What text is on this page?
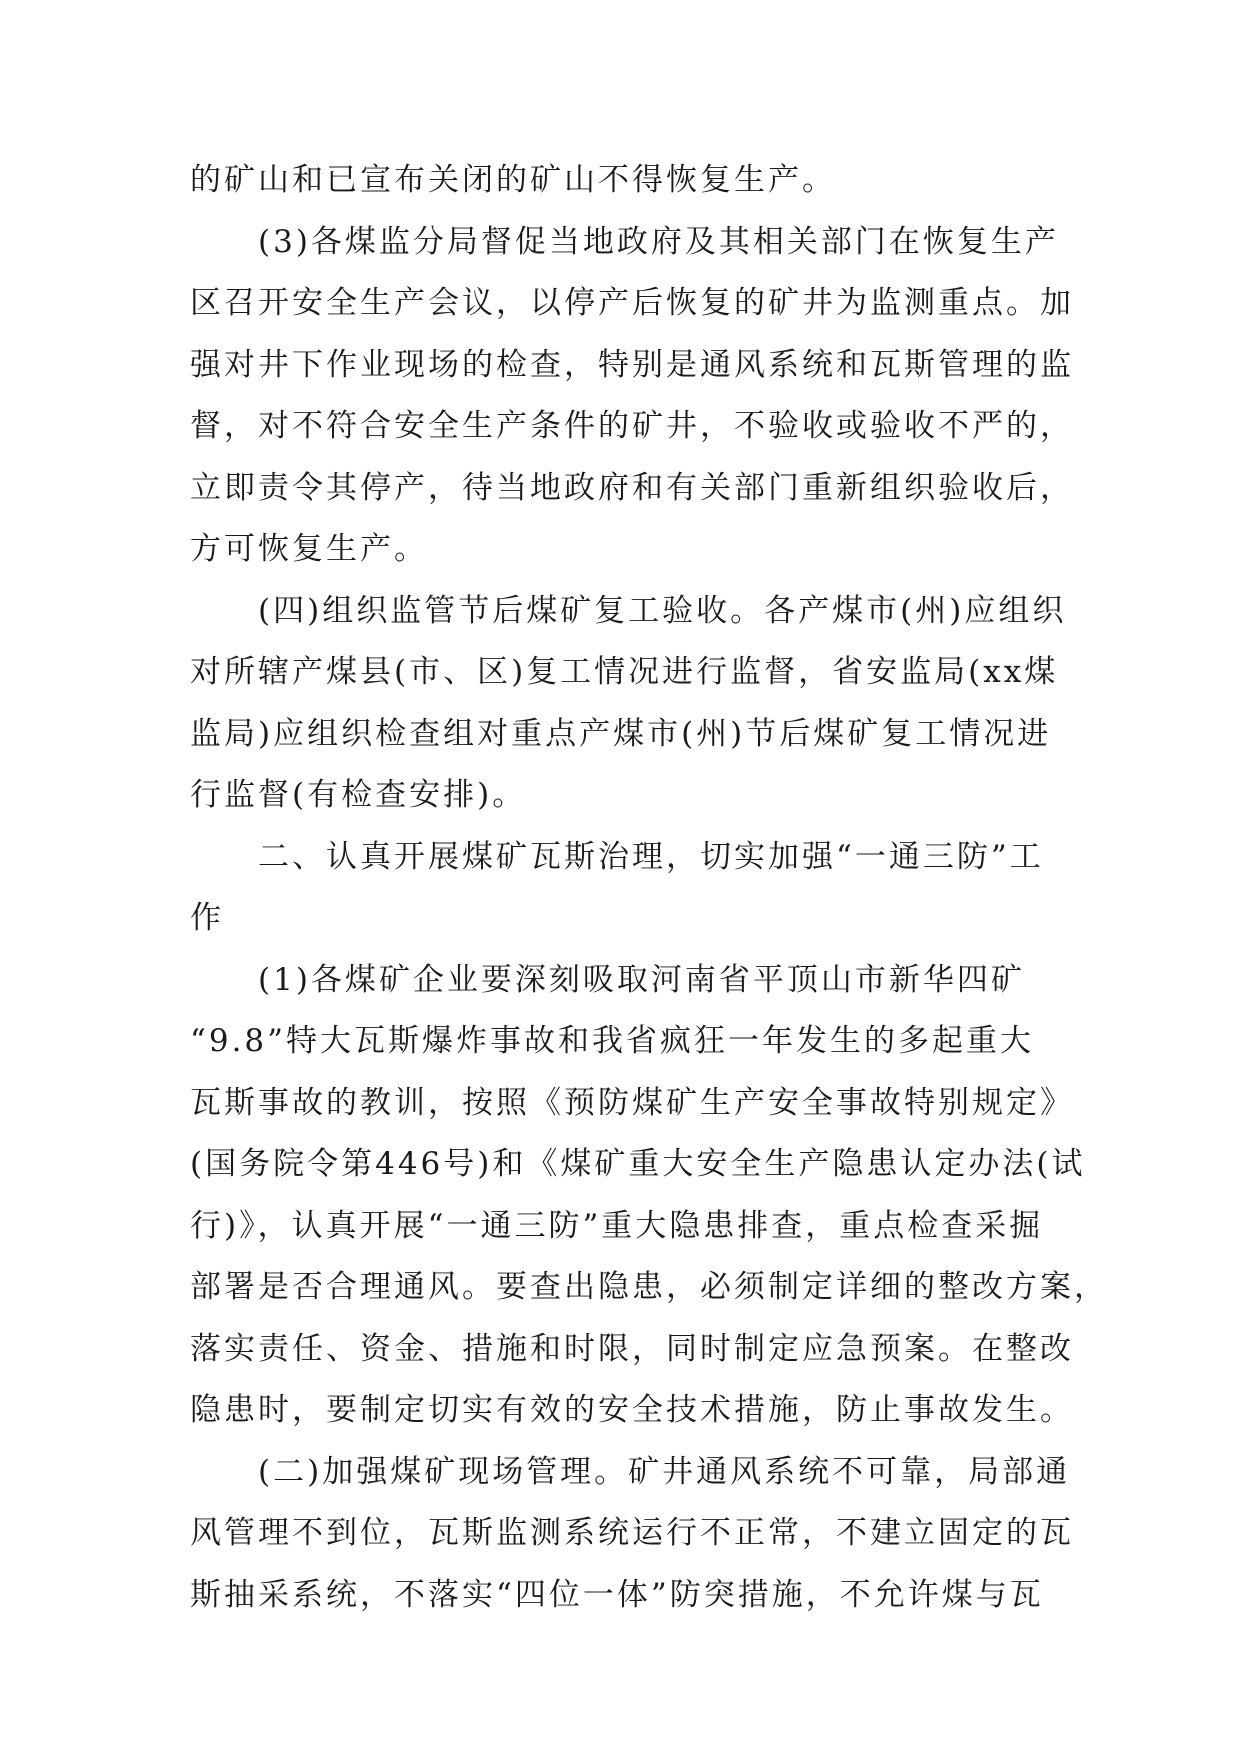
的矿山和已宣布关闭的矿山不得恢复生产。
　　(3)各煤监分局督促当地政府及其相关部门在恢复生产
区召开安全生产会议，以停产后恢复的矿井为监测重点。加
强对井下作业现场的检查，特别是通风系统和瓦斯管理的监
督，对不符合安全生产条件的矿井，不验收或验收不严的，
立即责令其停产，待当地政府和有关部门重新组织验收后，
方可恢复生产。
　　(四)组织监管节后煤矿复工验收。各产煤市(州)应组织
对所辖产煤县(市、区)复工情况进行监督，省安监局(xx煤
监局)应组织检查组对重点产煤市(州)节后煤矿复工情况进
行监督(有检查安排)。
　　二、认真开展煤矿瓦斯治理，切实加强“一通三防”工
作
　　(1)各煤矿企业要深刻吸取河南省平顶山市新华四矿
“9.8”特大瓦斯爆炸事故和我省疯狂一年发生的多起重大
瓦斯事故的教训，按照《预防煤矿生产安全事故特别规定》
(国务院令第446号)和《煤矿重大安全生产隐患认定办法(试
行)》，认真开展“一通三防”重大隐患排查，重点检查采掘
部署是否合理通风。要查出隐患，必须制定详细的整改方案，
落实责任、资金、措施和时限，同时制定应急预案。在整改
隐患时，要制定切实有效的安全技术措施，防止事故发生。
　　(二)加强煤矿现场管理。矿井通风系统不可靠，局部通
风管理不到位，瓦斯监测系统运行不正常，不建立固定的瓦
斯抽采系统，不落实“四位一体”防突措施，不允许煤与瓦
